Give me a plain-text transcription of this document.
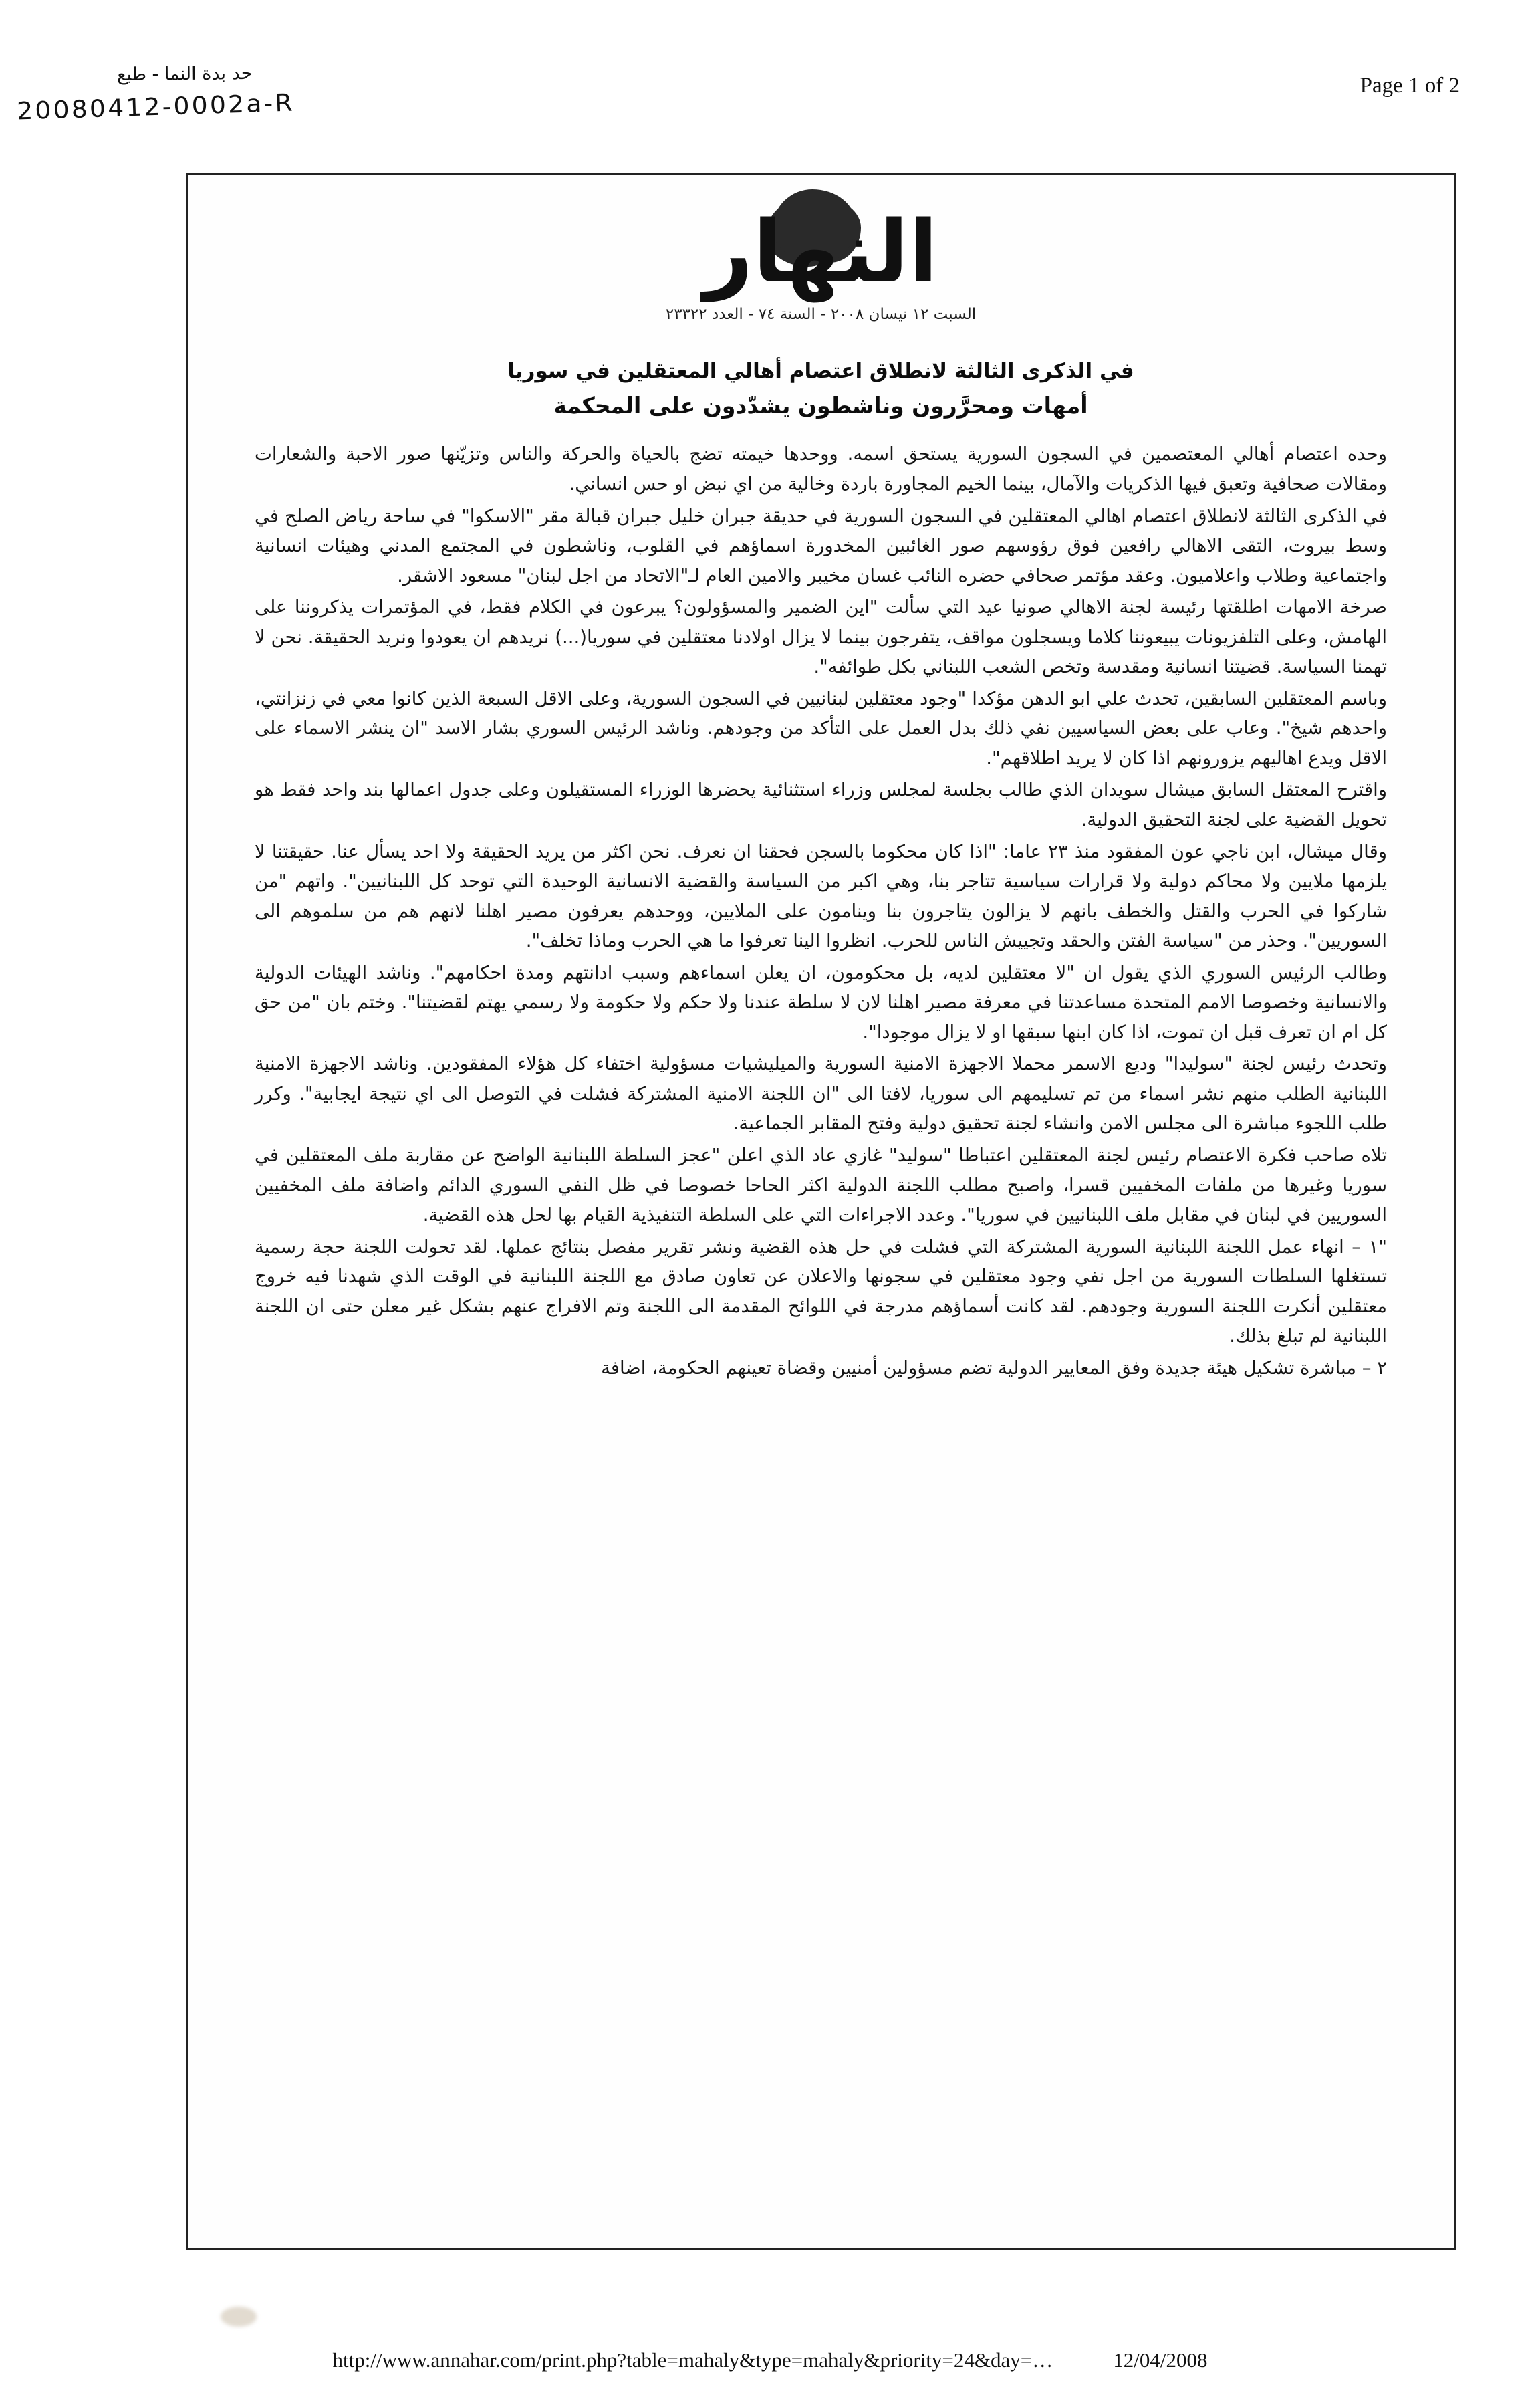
حد بدة النما - طبع
20080412-0002a-R
Page 1 of 2
النهار
السبت ١٢ نيسان ٢٠٠٨ - السنة ٧٤ - العدد ٢٣٣٢٢
في الذكرى الثالثة لانطلاق اعتصام أهالي المعتقلين في سوريا
أمهات ومحرَّرون وناشطون يشدّدون على المحكمة

وحده اعتصام أهالي المعتصمين في السجون السورية يستحق اسمه. ووحدها خيمته تضج بالحياة والحركة والناس وتزيّنها صور الاحبة والشعارات ومقالات صحافية وتعبق فيها الذكريات والآمال، بينما الخيم المجاورة باردة وخالية من اي نبض او حس انساني.

في الذكرى الثالثة لانطلاق اعتصام اهالي المعتقلين في السجون السورية في حديقة جبران خليل جبران قبالة مقر "الاسكوا" في ساحة رياض الصلح في وسط بيروت، التقى الاهالي رافعين فوق رؤوسهم صور الغائبين المخدورة اسماؤهم في القلوب، وناشطون في المجتمع المدني وهيئات انسانية واجتماعية وطلاب واعلاميون. وعقد مؤتمر صحافي حضره النائب غسان مخيبر والامين العام لـ"الاتحاد من اجل لبنان" مسعود الاشقر.

صرخة الامهات اطلقتها رئيسة لجنة الاهالي صونيا عيد التي سألت "اين الضمير والمسؤولون؟ يبرعون في الكلام فقط، في المؤتمرات يذكروننا على الهامش، وعلى التلفزيونات يبيعوننا كلاما ويسجلون مواقف، يتفرجون بينما لا يزال اولادنا معتقلين في سوريا(...) نريدهم ان يعودوا ونريد الحقيقة. نحن لا تهمنا السياسة. قضيتنا انسانية ومقدسة وتخص الشعب اللبناني بكل طوائفه".

وباسم المعتقلين السابقين، تحدث علي ابو الدهن مؤكدا "وجود معتقلين لبنانيين في السجون السورية، وعلى الاقل السبعة الذين كانوا معي في زنزانتي، واحدهم شيخ". وعاب على بعض السياسيين نفي ذلك بدل العمل على التأكد من وجودهم. وناشد الرئيس السوري بشار الاسد "ان ينشر الاسماء على الاقل ويدع اهاليهم يزورونهم اذا كان لا يريد اطلاقهم".

واقترح المعتقل السابق ميشال سويدان الذي طالب بجلسة لمجلس وزراء استثنائية يحضرها الوزراء المستقيلون وعلى جدول اعمالها بند واحد فقط هو تحويل القضية على لجنة التحقيق الدولية.

وقال ميشال، ابن ناجي عون المفقود منذ ٢٣ عاما: "اذا كان محكوما بالسجن فحقنا ان نعرف. نحن اكثر من يريد الحقيقة ولا احد يسأل عنا. حقيقتنا لا يلزمها ملايين ولا محاكم دولية ولا قرارات سياسية تتاجر بنا، وهي اكبر من السياسة والقضية الانسانية الوحيدة التي توحد كل اللبنانيين". واتهم "من شاركوا في الحرب والقتل والخطف بانهم لا يزالون يتاجرون بنا وينامون على الملايين، ووحدهم يعرفون مصير اهلنا لانهم هم من سلموهم الى السوريين". وحذر من "سياسة الفتن والحقد وتجييش الناس للحرب. انظروا الينا تعرفوا ما هي الحرب وماذا تخلف".

وطالب الرئيس السوري الذي يقول ان "لا معتقلين لديه، بل محكومون، ان يعلن اسماءهم وسبب ادانتهم ومدة احكامهم". وناشد الهيئات الدولية والانسانية وخصوصا الامم المتحدة مساعدتنا في معرفة مصير اهلنا لان لا سلطة عندنا ولا حكم ولا حكومة ولا رسمي يهتم لقضيتنا". وختم بان "من حق كل ام ان تعرف قبل ان تموت، اذا كان ابنها سبقها او لا يزال موجودا".

وتحدث رئيس لجنة "سوليدا" وديع الاسمر محملا الاجهزة الامنية السورية والميليشيات مسؤولية اختفاء كل هؤلاء المفقودين. وناشد الاجهزة الامنية اللبنانية الطلب منهم نشر اسماء من تم تسليمهم الى سوريا، لافتا الى "ان اللجنة الامنية المشتركة فشلت في التوصل الى اي نتيجة ايجابية". وكرر طلب اللجوء مباشرة الى مجلس الامن وانشاء لجنة تحقيق دولية وفتح المقابر الجماعية.

تلاه صاحب فكرة الاعتصام رئيس لجنة المعتقلين اعتباطا "سوليد" غازي عاد الذي اعلن "عجز السلطة اللبنانية الواضح عن مقاربة ملف المعتقلين في سوريا وغيرها من ملفات المخفيين قسرا، واصبح مطلب اللجنة الدولية اكثر الحاحا خصوصا في ظل النفي السوري الدائم واضافة ملف المخفيين السوريين في لبنان في مقابل ملف اللبنانيين في سوريا". وعدد الاجراءات التي على السلطة التنفيذية القيام بها لحل هذه القضية.

"١ – انهاء عمل اللجنة اللبنانية السورية المشتركة التي فشلت في حل هذه القضية ونشر تقرير مفصل بنتائج عملها. لقد تحولت اللجنة حجة رسمية تستغلها السلطات السورية من اجل نفي وجود معتقلين في سجونها والاعلان عن تعاون صادق مع اللجنة اللبنانية في الوقت الذي شهدنا فيه خروج معتقلين أنكرت اللجنة السورية وجودهم. لقد كانت أسماؤهم مدرجة في اللوائح المقدمة الى اللجنة وتم الافراج عنهم بشكل غير معلن حتى ان اللجنة اللبنانية لم تبلغ بذلك.

٢ – مباشرة تشكيل هيئة جديدة وفق المعايير الدولية تضم مسؤولين أمنيين وقضاة تعينهم الحكومة، اضافة

http://www.annahar.com/print.php?table=mahaly&type=mahaly&priority=24&day=…	12/04/2008
